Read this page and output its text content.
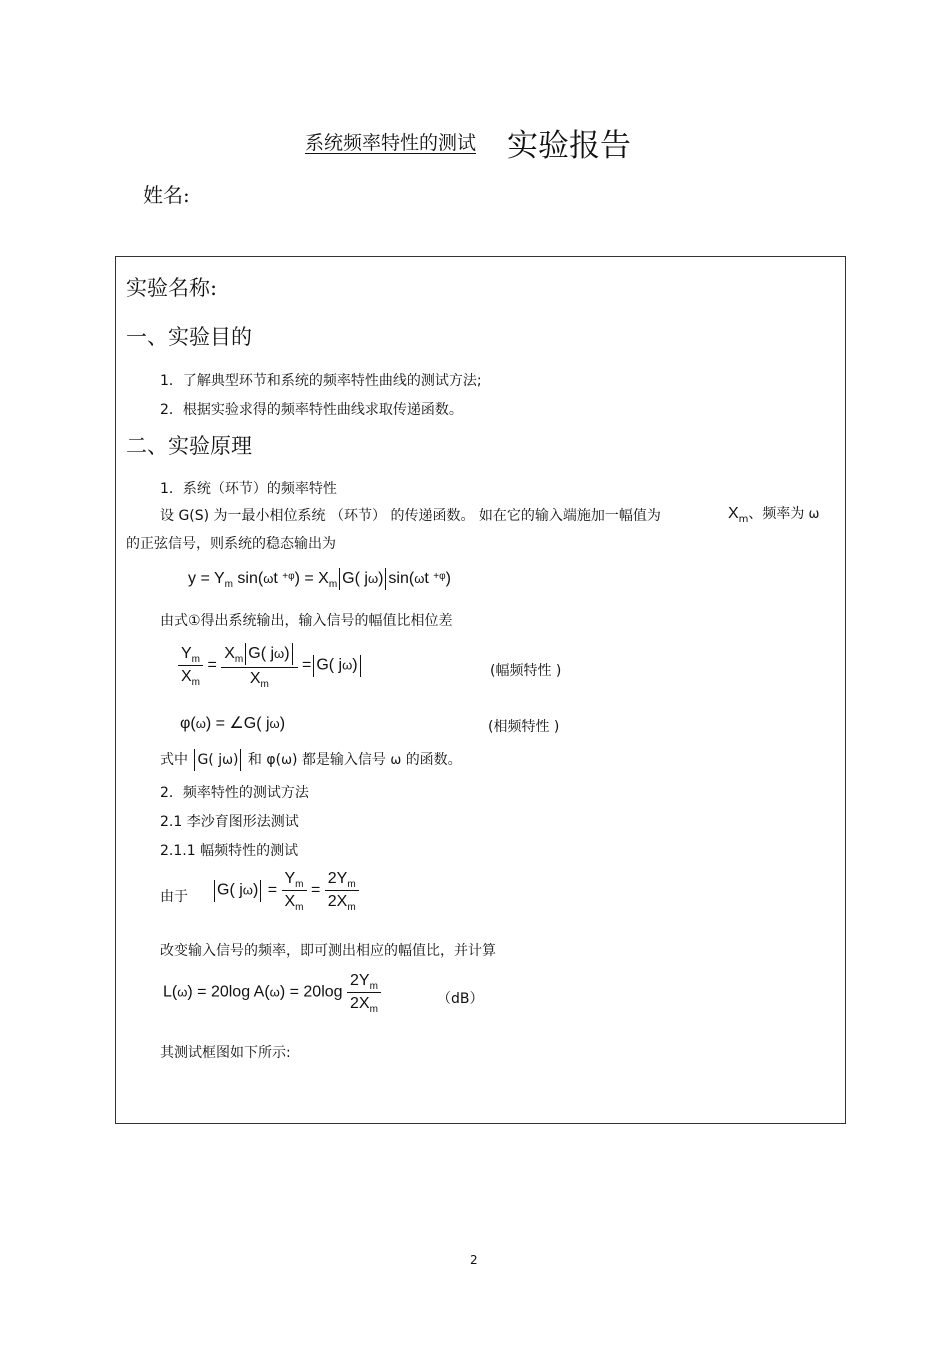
系统频率特性的测试 实验报告
姓名:
实验名称:
一、实验目的
1．了解典型环节和系统的频率特性曲线的测试方法;
2．根据实验求得的频率特性曲线求取传递函数。
二、实验原理
1．系统（环节）的频率特性
设 G(S) 为一最小相位系统 （环节） 的传递函数。 如在它的输入端施加一幅值为	$X_m$、频率为 ω
的正弦信号，则系统的稳态输出为
$y = Y_m$ sin(ωt $^{+\varphi}) = X_m$ G( jω) sin(ωt $^{+\varphi}$)
由式①得出系统输出，输入信号的幅值比相位差
$\frac{Y_m}{X_m} = \frac{X_m G( j\omega)}{X_m} = G$( jω)	(幅频特性 )
φ(ω) = ∠G( jω)	(相频特性 )
式中 G( jω) 和 φ(ω) 都是输入信号 ω 的函数。
2．频率特性的测试方法
2.1 李沙育图形法测试
2.1.1 幅频特性的测试
由于	G( $j\omega) = \frac{Y_m}{X_m} = \frac{2Y_m}{2X_m}$
改变输入信号的频率，即可测出相应的幅值比，并计算
L(ω) = 20log $A(\omega) = 20\log \frac{2Y_m}{2X_m}$	（dB）
其测试框图如下所示:
2
